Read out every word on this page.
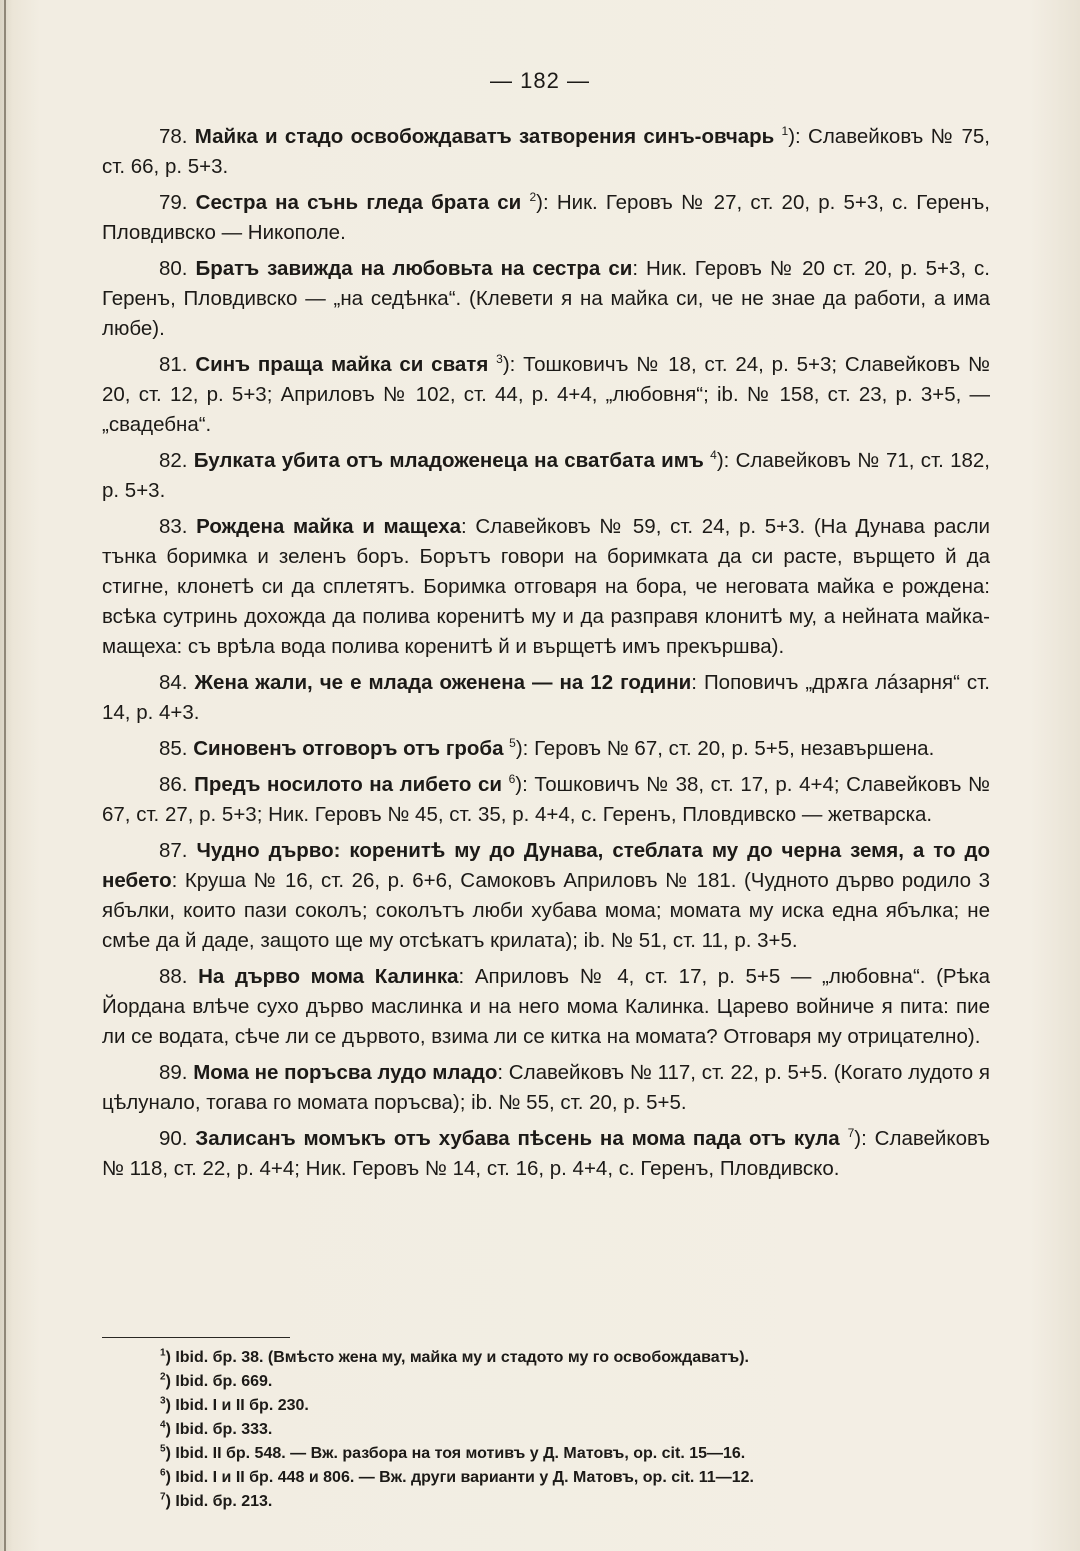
— 182 —

78. Майка и стадо освобождаватъ затворения синъ-овчарь $^1$): Славейковъ № 75, ст. 66, р. 5+3.

79. Сестра на сънь гледа брата си $^2$): Ник. Геровъ № 27, ст. 20, р. 5+3, с. Геренъ, Пловдивско — Никополе.

80. Братъ завижда на любовьта на сестра си: Ник. Геровъ № 20 ст. 20, р. 5+3, с. Геренъ, Пловдивско — „на седѣнка“. (Клевети я на майка си, че не знае да работи, а има любе).

81. Синъ праща майка си сватя $^3$): Тошковичъ № 18, ст. 24, р. 5+3; Славейковъ № 20, ст. 12, р. 5+3; Априловъ № 102, ст. 44, р. 4+4, „любовня“; ib. № 158, ст. 23, р. 3+5, — „свадебна“.

82. Булката убита отъ младоженеца на сватбата имъ $^4$): Славейковъ № 71, ст. 182, р. 5+3.

83. Рождена майка и мащеха: Славейковъ № 59, ст. 24, р. 5+3. (На Дунава расли тънка боримка и зеленъ боръ. Борътъ говори на боримката да си расте, върщето й да стигне, клонетѣ си да сплетятъ. Боримка отговаря на бора, че неговата майка е рождена: всѣка сутринь дохожда да полива коренитѣ му и да разправя клонитѣ му, а нейната майка-мащеха: съ врѣла вода полива коренитѣ й и върщетѣ имъ прекършва).

84. Жена жали, че е млада оженена — на 12 години: Поповичъ „дрѫга лáзарня“ ст. 14, р. 4+3.

85. Синовенъ отговоръ отъ гроба $^5$): Геровъ № 67, ст. 20, р. 5+5, незавършена.

86. Предъ носилото на либето си $^6$): Тошковичъ № 38, ст. 17, р. 4+4; Славейковъ № 67, ст. 27, р. 5+3; Ник. Геровъ № 45, ст. 35, р. 4+4, с. Геренъ, Пловдивско — жетварска.

87. Чудно дърво: коренитѣ му до Дунава, стеблата му до черна земя, а то до небето: Круша № 16, ст. 26, р. 6+6, Самоковъ Априловъ № 181. (Чудното дърво родило 3 ябълки, които пази соколъ; соколътъ люби хубава мома; момата му иска една ябълка; не смѣе да й даде, защото ще му отсѣкатъ крилата); ib. № 51, ст. 11, р. 3+5.

88. На дърво мома Калинка: Априловъ № 4, ст. 17, р. 5+5 — „любовна“. (Рѣка Йордана влѣче сухо дърво маслинка и на него мома Калинка. Царево войниче я пита: пие ли се водата, сѣче ли се дървото, взима ли се китка на момата? Отговаря му отрицателно).

89. Мома не поръсва лудо младо: Славейковъ № 117, ст. 22, р. 5+5. (Когато лудото я цѣлунало, тогава го момата поръсва); ib. № 55, ст. 20, р. 5+5.

90. Залисанъ момъкъ отъ хубава пѣсень на мома пада отъ кула $^7$): Славейковъ № 118, ст. 22, р. 4+4; Ник. Геровъ № 14, ст. 16, р. 4+4, с. Геренъ, Пловдивско.

$^1$) Ibid. бр. 38. (Вмѣсто жена му, майка му и стадото му го освобождаватъ).
$^2$) Ibid. бр. 669.
$^3$) Ibid. I и II бр. 230.
$^4$) Ibid. бр. 333.
$^5$) Ibid. II бр. 548. — Вж. разбора на тоя мотивъ у Д. Матовъ, op. cit. 15—16.
$^6$) Ibid. I и II бр. 448 и 806. — Вж. други варианти у Д. Матовъ, op. cit. 11—12.
$^7$) Ibid. бр. 213.
